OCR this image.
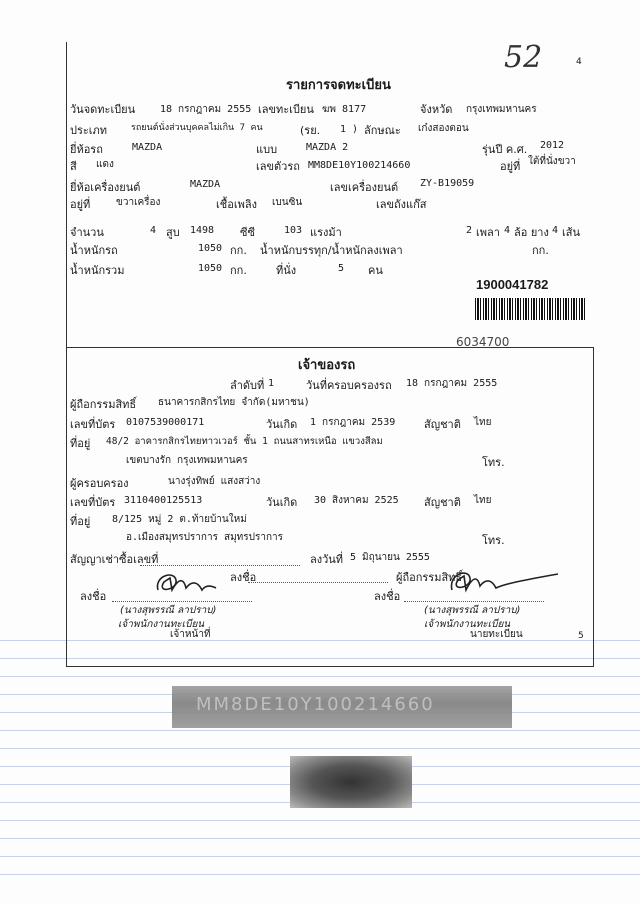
52	4
รายการจดทะเบียน
วันจดทะเบียน 18 กรกฎาคม 2555 เลขทะเบียน ฆพ 8177	จังหวัด กรุงเทพมหานคร
ประเภท	รถยนต์นั่งส่วนบุคคลไม่เกิน 7 คน	(รย. 1 ) ลักษณะ เก๋งสองตอน
ยี่ห้อรถ	MAZDA	แบบ	MAZDA 2	รุ่นปี ค.ศ. 2012
สี แดง	เลขตัวรถ MM8DE10Y100214660	อยู่ที่ ใต้ที่นั่งขวา
ยี่ห้อเครื่องยนต์	MAZDA	เลขเครื่องยนต์ ZY-B19059
อยู่ที่	ขวาเครื่อง	เชื้อเพลิง เบนซิน	เลขถังแก๊ส
จำนวน	4 สูบ 1498 ซีซี	103 แรงม้า	2 เพลา 4 ล้อ ยาง 4 เส้น
น้ำหนักรถ	1050 กก. น้ำหนักบรรทุก/น้ำหนักลงเพลา	กก.
น้ำหนักรวม	1050 กก.	ที่นั่ง	5 คน
1900041782
6034700
เจ้าของรถ
ลำดับที่ 1	วันที่ครอบครองรถ 18 กรกฎาคม 2555
ผู้ถือกรรมสิทธิ์ ธนาคารกสิกรไทย จำกัด(มหาชน)
เลขที่บัตร 0107539000171	วันเกิด 1 กรกฎาคม 2539	สัญชาติ ไทย
ที่อยู่ 48/2 อาคารกสิกรไทยทาวเวอร์ ชั้น 1 ถนนสาทรเหนือ แขวงสีลม
เขตบางรัก กรุงเทพมหานคร	โทร.
ผู้ครอบครอง	นางรุ่งทิพย์ แสงสว่าง
เลขที่บัตร 3110400125513	วันเกิด 30 สิงหาคม 2525 สัญชาติ ไทย
ที่อยู่ 8/125 หมู่ 2 ต.ท้ายบ้านใหม่
อ.เมืองสมุทรปราการ สมุทรปราการ	โทร.
สัญญาเช่าซื้อเลขที่	ลงวันที่ 5 มิถุนายน 2555
ลงชื่อ	ผู้ถือกรรมสิทธิ์
ลงชื่อ	ลงชื่อ
(นางสุพรรณี ลาปราบ)
เจ้าพนักงานทะเบียน
เจ้าหน้าที่
(นางสุพรรณี ลาปราบ)
เจ้าพนักงานทะเบียน
นายทะเบียน	5
MM8DE10Y100214660
